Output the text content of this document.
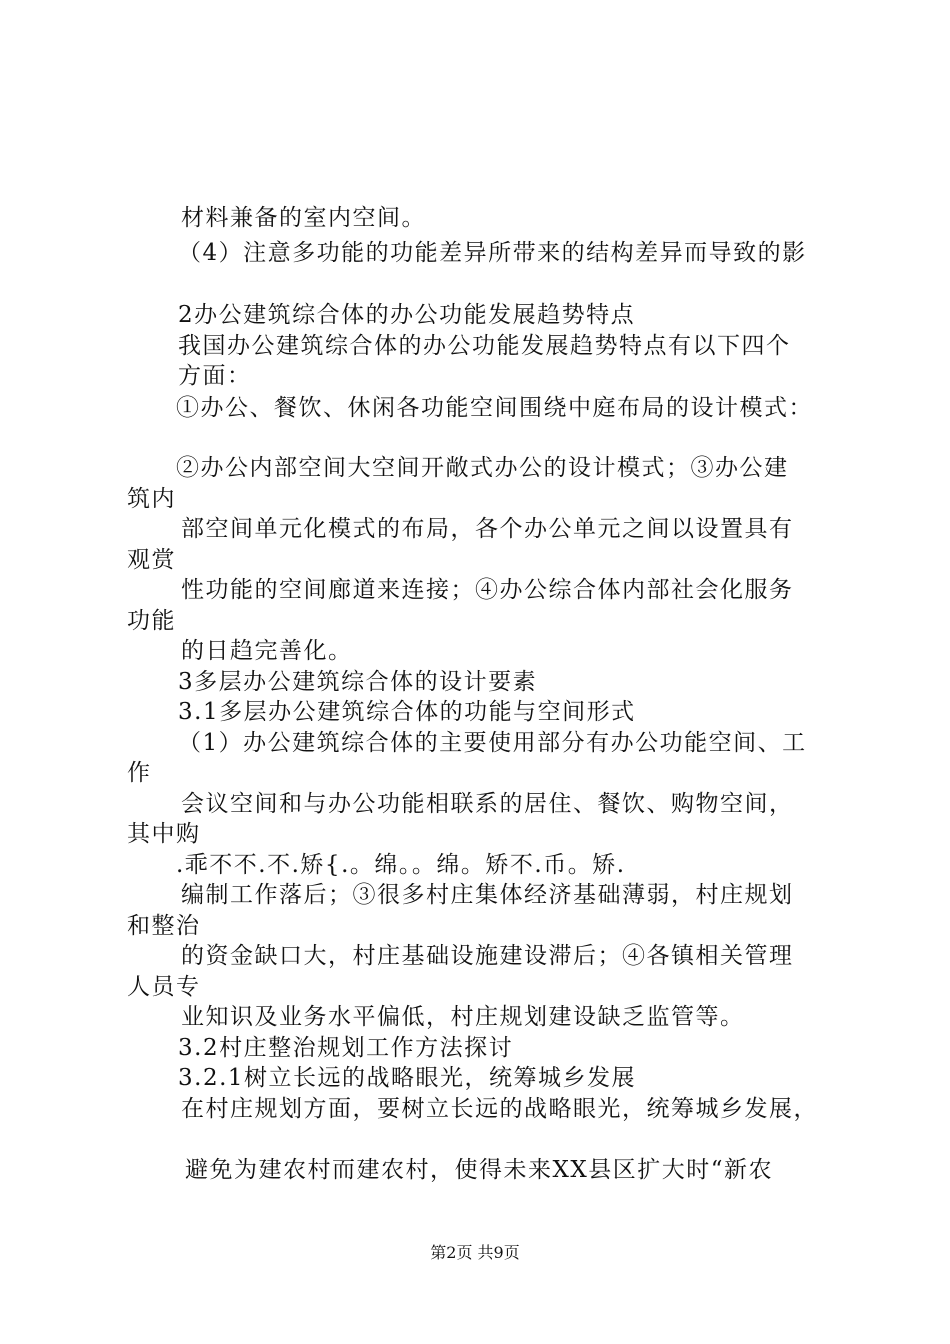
材料兼备的室内空间。
（4）注意多功能的功能差异所带来的结构差异而导致的影
2办公建筑综合体的办公功能发展趋势特点
我国办公建筑综合体的办公功能发展趋势特点有以下四个
方面：
①办公、餐饮、休闲各功能空间围绕中庭布局的设计模式：
②办公内部空间大空间开敞式办公的设计模式；③办公建
筑内
部空间单元化模式的布局，各个办公单元之间以设置具有
观赏
性功能的空间廊道来连接；④办公综合体内部社会化服务
功能
的日趋完善化。
3多层办公建筑综合体的设计要素
3.1多层办公建筑综合体的功能与空间形式
（1）办公建筑综合体的主要使用部分有办公功能空间、工
作
会议空间和与办公功能相联系的居住、餐饮、购物空间，
其中购
.乖不不.不.矫{.。绵。。绵。矫不.币。矫.
编制工作落后；③很多村庄集体经济基础薄弱，村庄规划
和整治
的资金缺口大，村庄基础设施建设滞后；④各镇相关管理
人员专
业知识及业务水平偏低，村庄规划建设缺乏监管等。
3.2村庄整治规划工作方法探讨
3.2.1树立长远的战略眼光，统筹城乡发展
在村庄规划方面，要树立长远的战略眼光，统筹城乡发展，
避免为建农村而建农村，使得未来XX县区扩大时“新农
第2页 共9页
